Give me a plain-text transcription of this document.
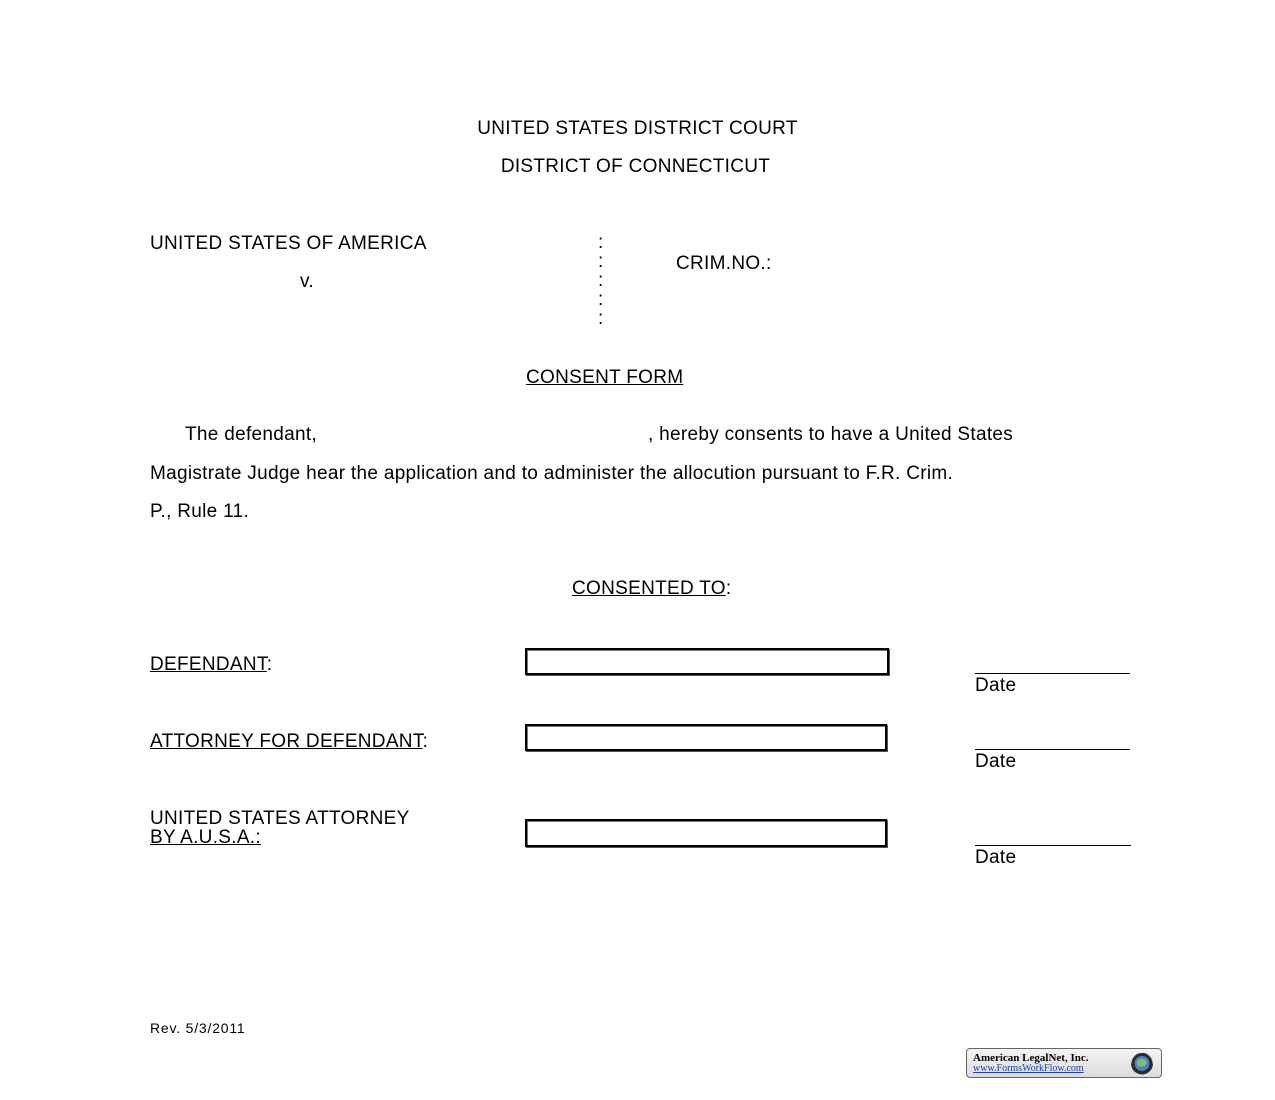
UNITED STATES DISTRICT COURT
DISTRICT OF CONNECTICUT
UNITED STATES OF AMERICA
v.
:
:
:
:
:
CRIM.NO.:
CONSENT FORM
The defendant,	, hereby consents to have a United States
Magistrate Judge hear the application and to administer the allocution pursuant to F.R. Crim.
P., Rule 11.
CONSENTED TO:
DEFENDANT:
Date
ATTORNEY FOR DEFENDANT:
Date
UNITED STATES ATTORNEY
BY A.U.S.A.:
Date
Rev. 5/3/2011
American LegalNet, Inc.
www.FormsWorkFlow.com
